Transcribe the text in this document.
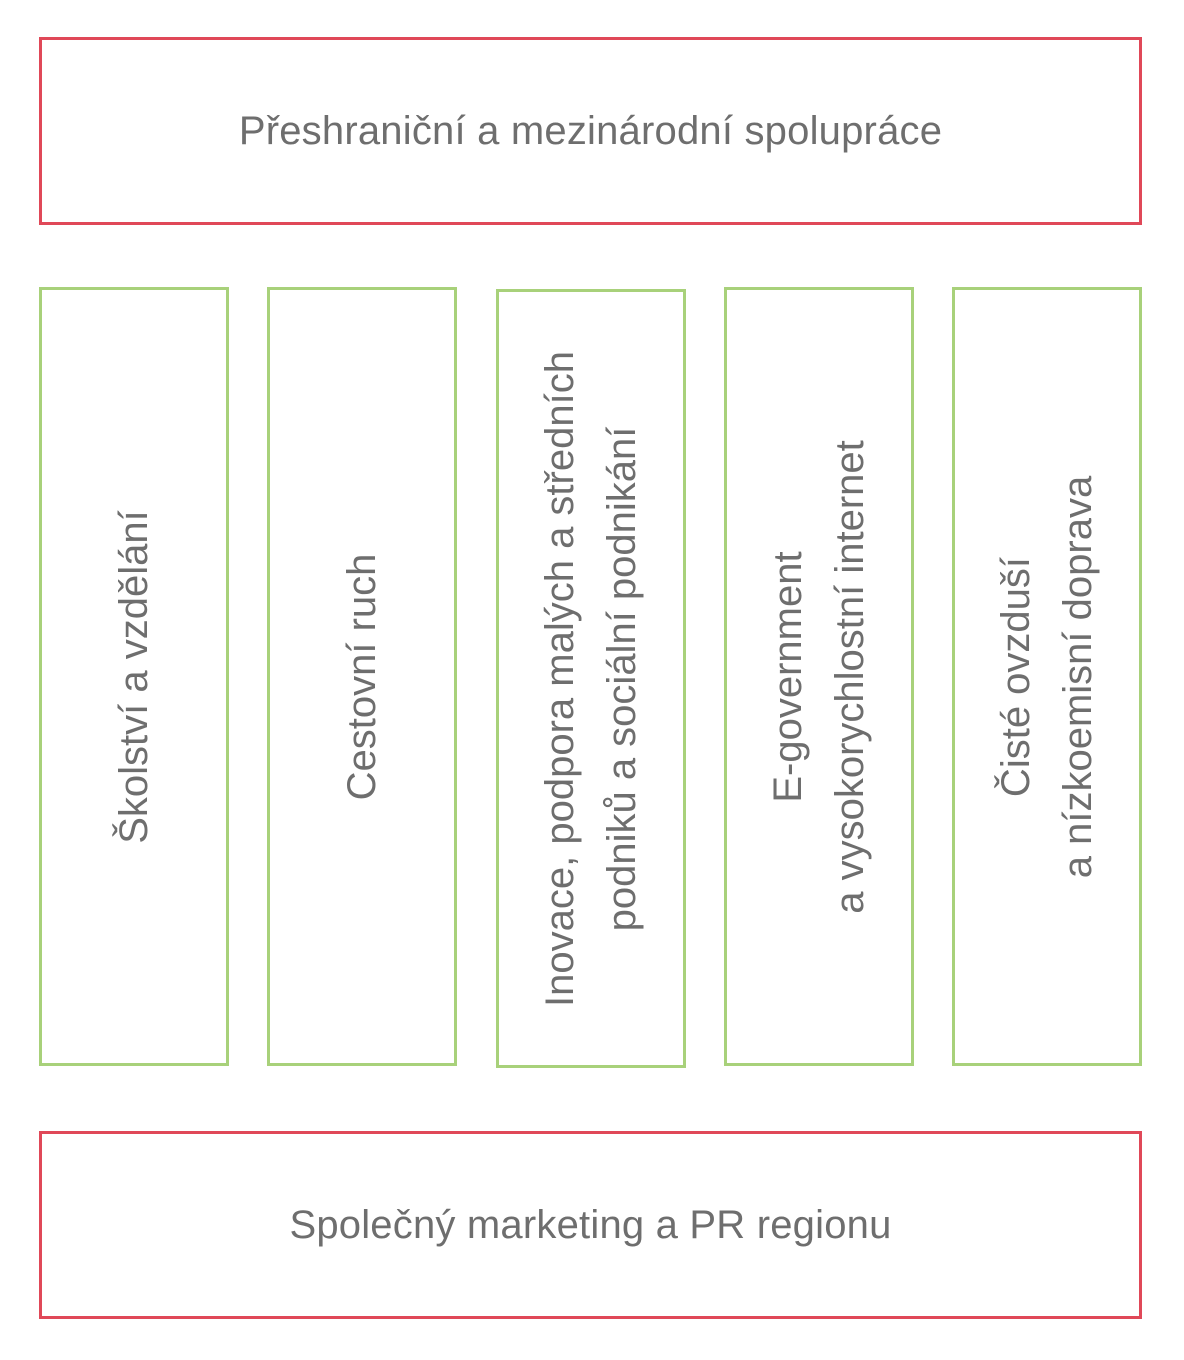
Přeshraniční a mezinárodní spolupráce
Školství a vzdělání	Cestovní ruch	Inovace, podpora malých a středních podniků a sociální podnikání	E-government a vysokorychlostní internet	Čisté ovzduší a nízkoemisní doprava
Společný marketing a PR regionu
